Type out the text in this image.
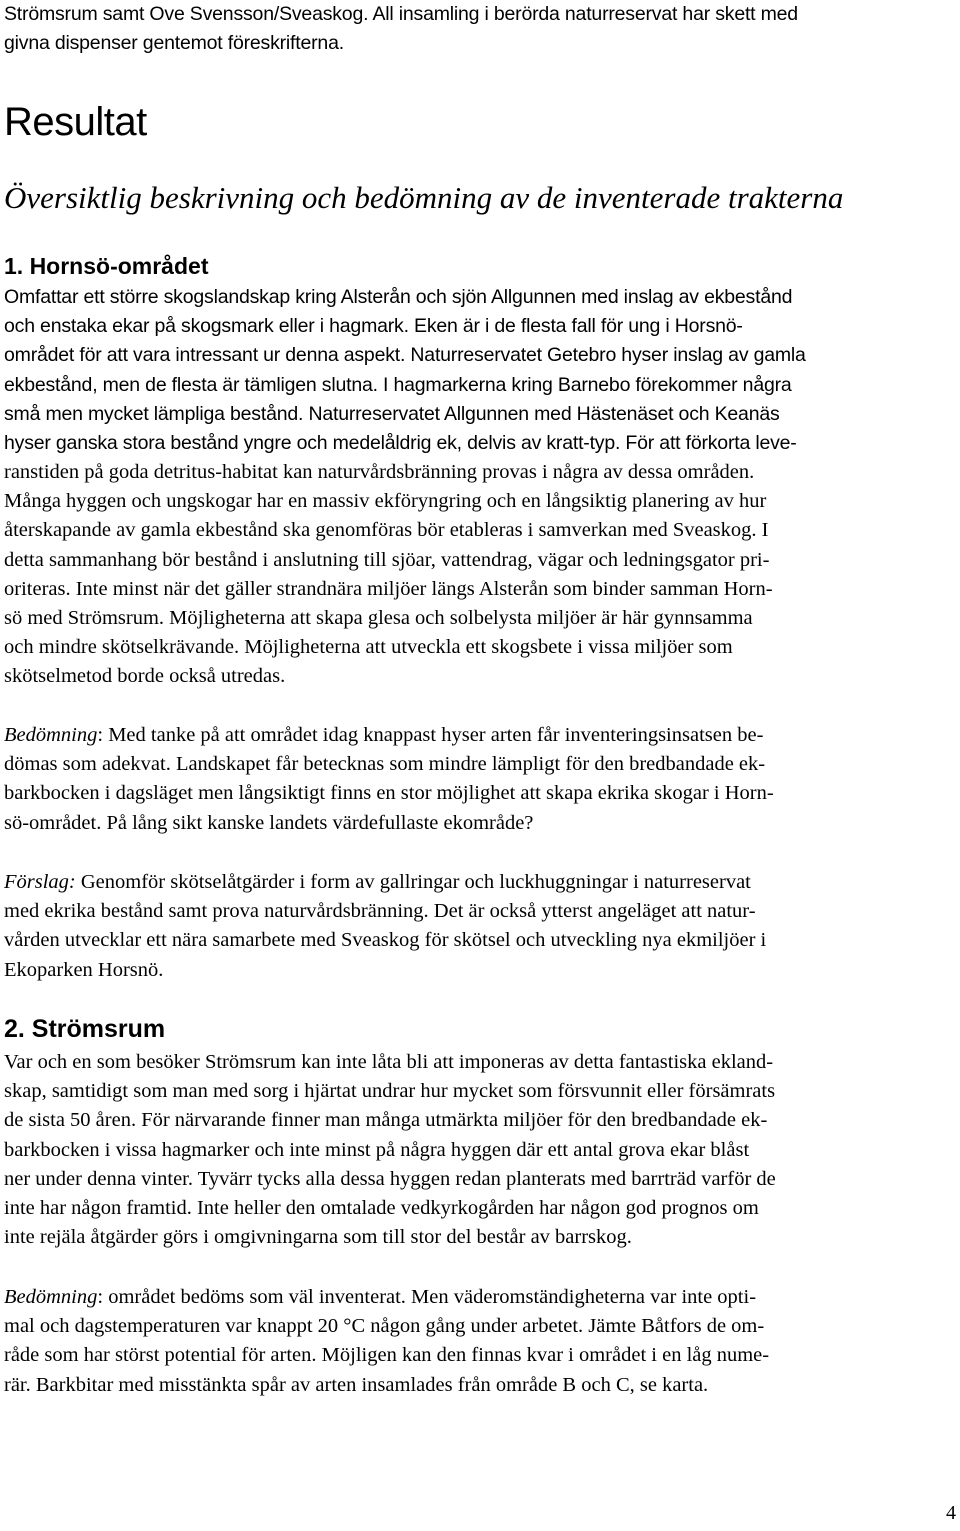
Strömsrum samt Ove Svensson/Sveaskog. All insamling i berörda naturreservat har skett med
givna dispenser gentemot föreskrifterna.
Resultat
Översiktlig beskrivning och bedömning av de inventerade trakterna
1. Hornsö-området
Omfattar ett större skogslandskap kring Alsterån och sjön Allgunnen med inslag av ekbestånd
och enstaka ekar på skogsmark eller i hagmark. Eken är i de flesta fall för ung i Horsnö-
området för att vara intressant ur denna aspekt. Naturreservatet Getebro hyser inslag av gamla
ekbestånd, men de flesta är tämligen slutna. I hagmarkerna kring Barnebo förekommer några
små men mycket lämpliga bestånd. Naturreservatet Allgunnen med Hästenäset och Keanäs
hyser ganska stora bestånd yngre och medelåldrig ek, delvis av kratt-typ. För att förkorta leve-
ranstiden på goda detritus-habitat kan naturvårdsbränning provas i några av dessa områden.
Många hyggen och ungskogar har en massiv ekföryngring och en långsiktig planering av hur
återskapande av gamla ekbestånd ska genomföras bör etableras i samverkan med Sveaskog. I
detta sammanhang bör bestånd i anslutning till sjöar, vattendrag, vägar och ledningsgator pri-
oriteras. Inte minst när det gäller strandnära miljöer längs Alsterån som binder samman Horn-
sö med Strömsrum. Möjligheterna att skapa glesa och solbelysta miljöer är här gynnsamma
och mindre skötselkrävande. Möjligheterna att utveckla ett skogsbete i vissa miljöer som
skötselmetod borde också utredas.
Bedömning: Med tanke på att området idag knappast hyser arten får inventeringsinsatsen be-
dömas som adekvat. Landskapet får betecknas som mindre lämpligt för den bredbandade ek-
barkbocken i dagsläget men långsiktigt finns en stor möjlighet att skapa ekrika skogar i Horn-
sö-området. På lång sikt kanske landets värdefullaste ekområde?
Förslag: Genomför skötselåtgärder i form av gallringar och luckhuggningar i naturreservat
med ekrika bestånd samt prova naturvårdsbränning. Det är också ytterst angeläget att natur-
vården utvecklar ett nära samarbete med Sveaskog för skötsel och utveckling nya ekmiljöer i
Ekoparken Horsnö.
2. Strömsrum
Var och en som besöker Strömsrum kan inte låta bli att imponeras av detta fantastiska ekland-
skap, samtidigt som man med sorg i hjärtat undrar hur mycket som försvunnit eller försämrats
de sista 50 åren. För närvarande finner man många utmärkta miljöer för den bredbandade ek-
barkbocken i vissa hagmarker och inte minst på några hyggen där ett antal grova ekar blåst
ner under denna vinter. Tyvärr tycks alla dessa hyggen redan planterats med barrträd varför de
inte har någon framtid. Inte heller den omtalade vedkyrkogården har någon god prognos om
inte rejäla åtgärder görs i omgivningarna som till stor del består av barrskog.
Bedömning: området bedöms som väl inventerat. Men väderomständigheterna var inte opti-
mal och dagstemperaturen var knappt 20 °C någon gång under arbetet. Jämte Båtfors de om-
råde som har störst potential för arten. Möjligen kan den finnas kvar i området i en låg nume-
rär. Barkbitar med misstänkta spår av arten insamlades från område B och C, se karta.

4
